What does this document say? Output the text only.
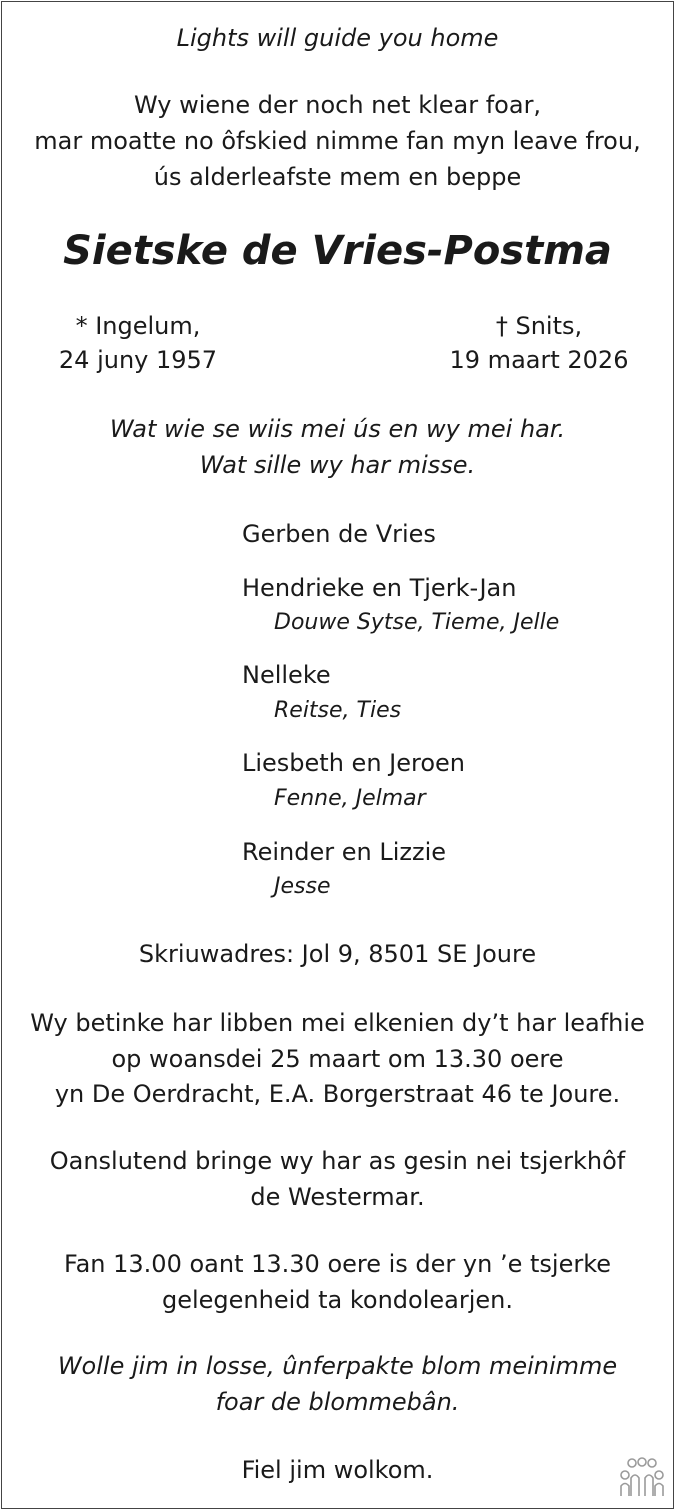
Lights will guide you home
Wy wiene der noch net klear foar,
mar moatte no ôfskied nimme fan myn leave frou,
ús alderleafste mem en beppe
Sietske de Vries-Postma
* Ingelum,
24 juny 1957
† Snits,
19 maart 2026
Wat wie se wiis mei ús en wy mei har.
Wat sille wy har misse.
Gerben de Vries
Hendrieke en Tjerk-Jan
Douwe Sytse, Tieme, Jelle
Nelleke
Reitse, Ties
Liesbeth en Jeroen
Fenne, Jelmar
Reinder en Lizzie
Jesse
Skriuwadres: Jol 9, 8501 SE Joure
Wy betinke har libben mei elkenien dy’t har leafhie
op woansdei 25 maart om 13.30 oere
yn De Oerdracht, E.A. Borgerstraat 46 te Joure.
Oanslutend bringe wy har as gesin nei tsjerkhôf
de Westermar.
Fan 13.00 oant 13.30 oere is der yn ’e tsjerke
gelegenheid ta kondolearjen.
Wolle jim in losse, ûnferpakte blom meinimme
foar de blommebân.
Fiel jim wolkom.
